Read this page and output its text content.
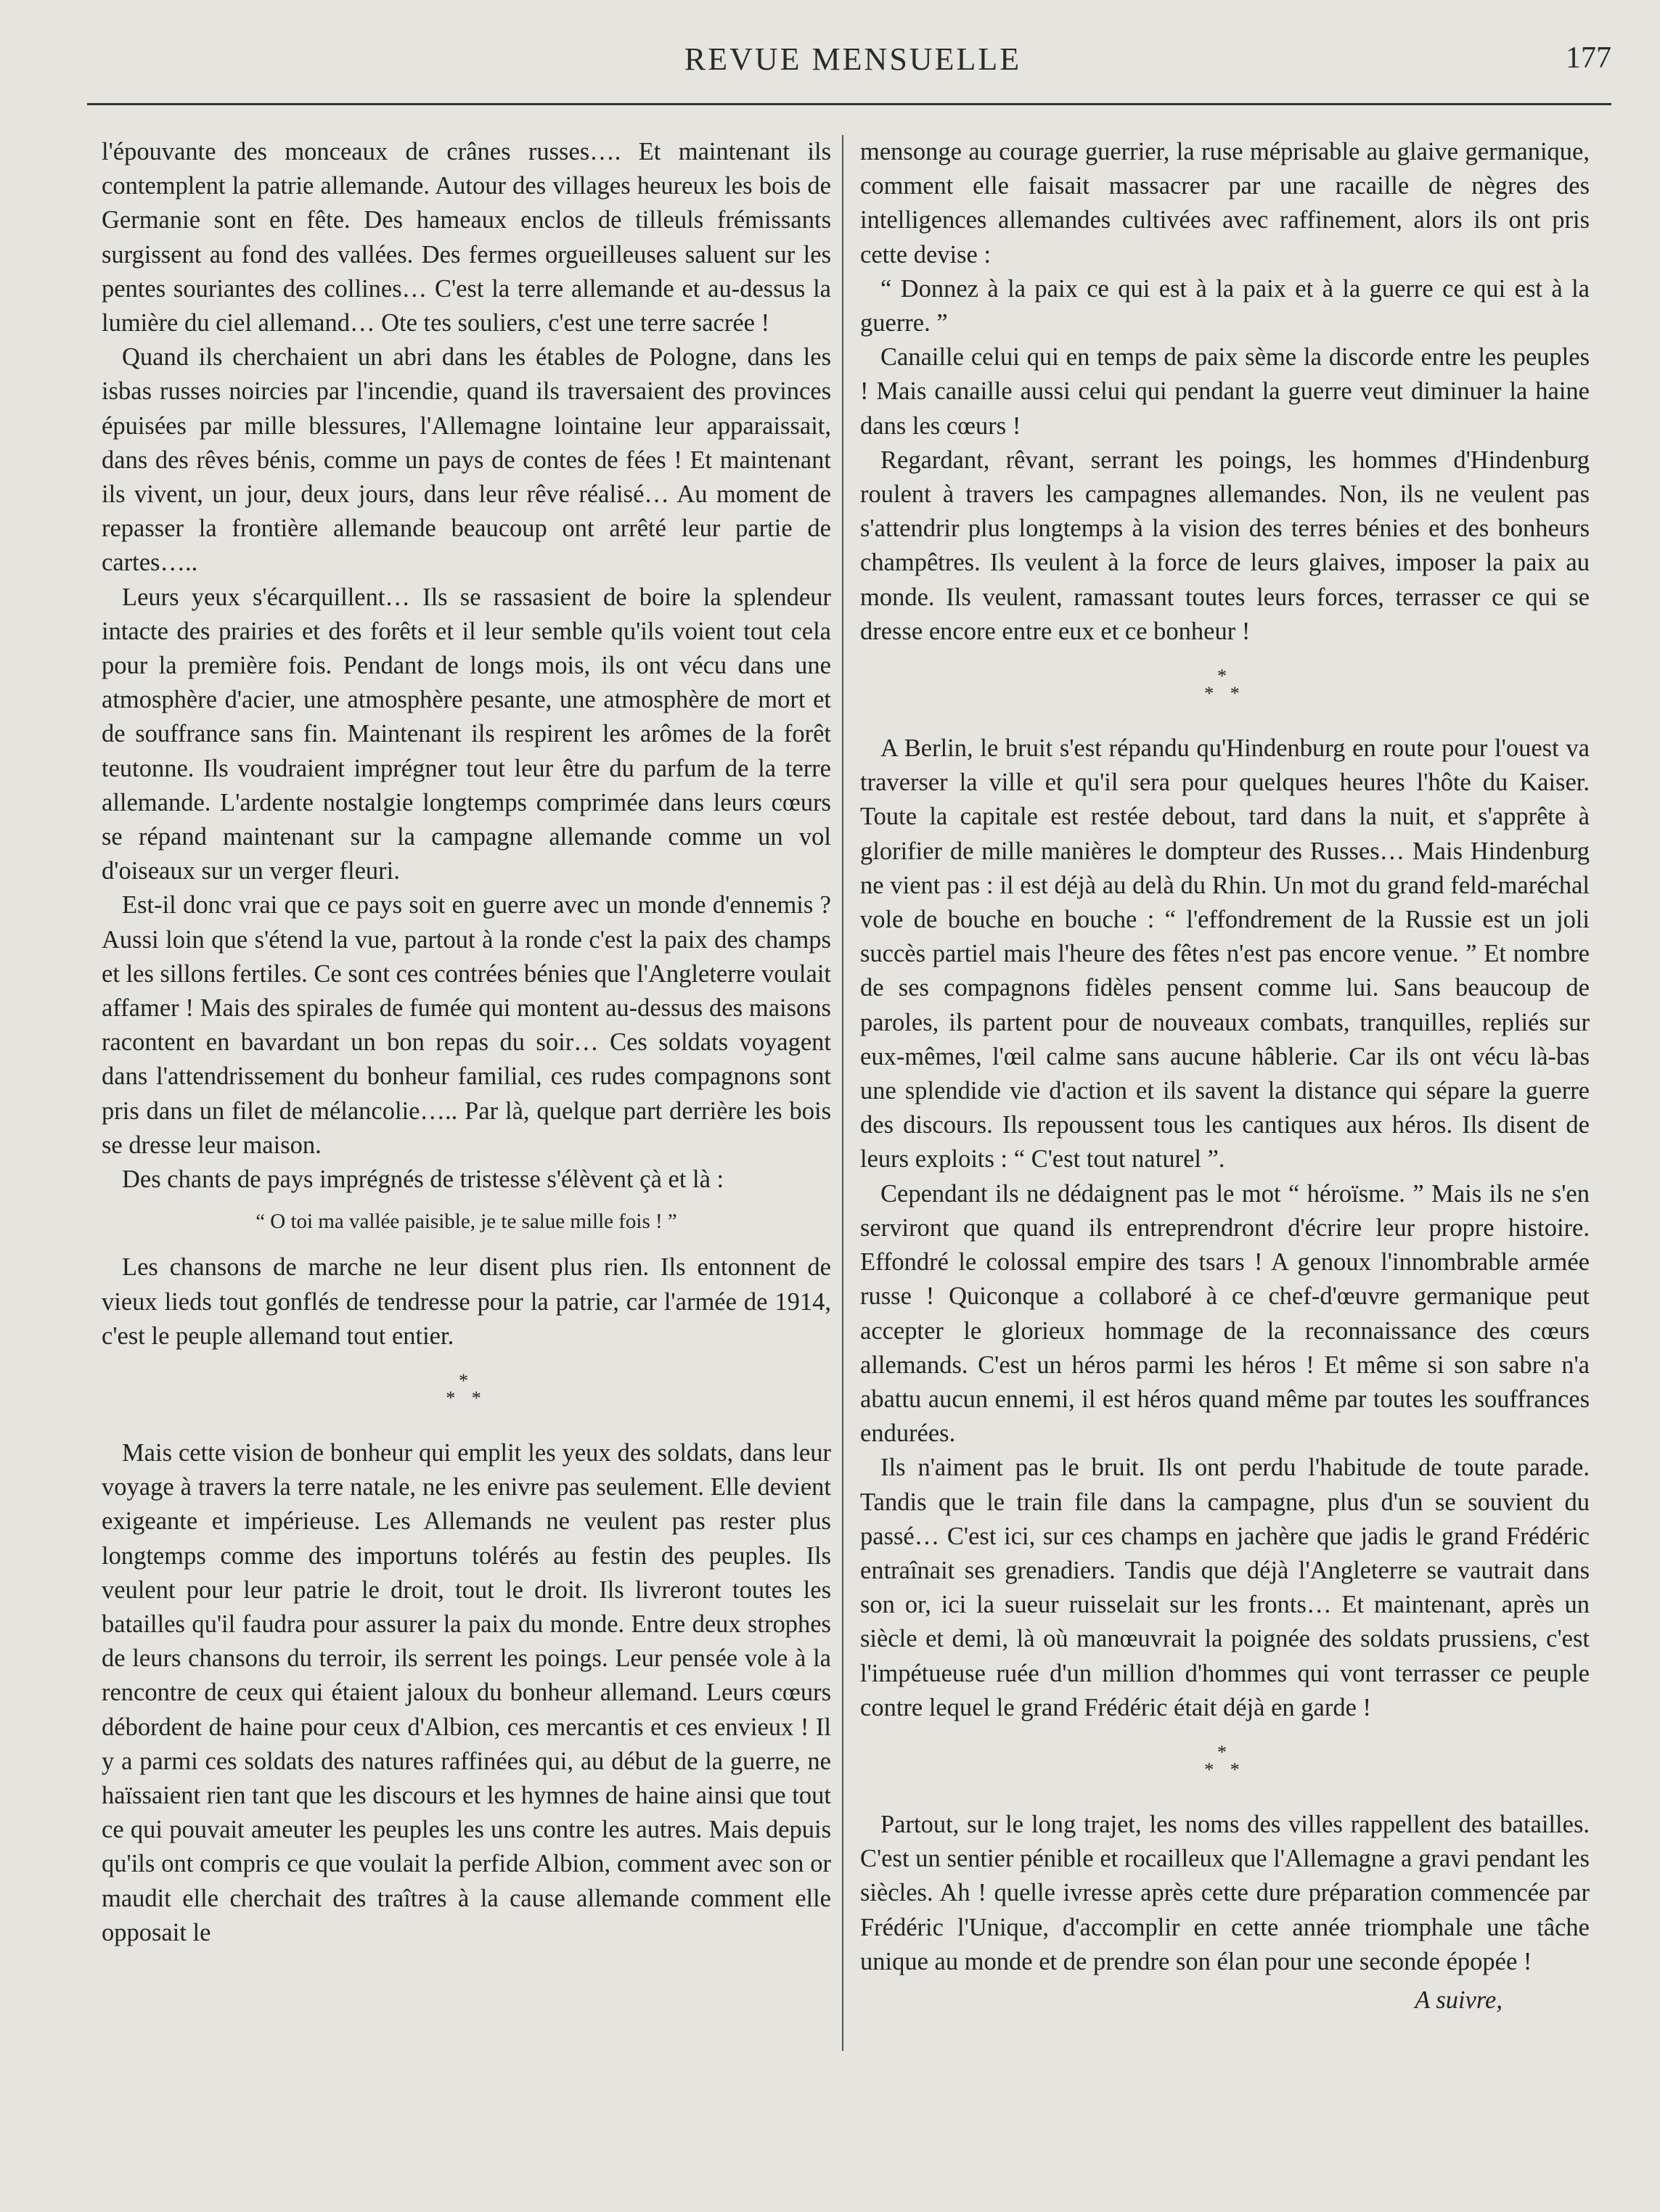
REVUE MENSUELLE	177

l'épouvante des monceaux de crânes russes…. Et maintenant ils contemplent la patrie allemande. Autour des villages heureux les bois de Germanie sont en fête. Des hameaux enclos de tilleuls frémissants surgissent au fond des vallées. Des fermes orgueilleuses saluent sur les pentes souriantes des collines… C'est la terre allemande et au-dessus la lumière du ciel allemand… Ote tes souliers, c'est une terre sacrée !

Quand ils cherchaient un abri dans les étables de Pologne, dans les isbas russes noircies par l'incendie, quand ils traversaient des provinces épuisées par mille blessures, l'Allemagne lointaine leur apparaissait, dans des rêves bénis, comme un pays de contes de fées ! Et maintenant ils vivent, un jour, deux jours, dans leur rêve réalisé… Au moment de repasser la frontière allemande beaucoup ont arrêté leur partie de cartes…..

Leurs yeux s'écarquillent… Ils se rassasient de boire la splendeur intacte des prairies et des forêts et il leur semble qu'ils voient tout cela pour la première fois. Pendant de longs mois, ils ont vécu dans une atmosphère d'acier, une atmosphère pesante, une atmosphère de mort et de souffrance sans fin. Maintenant ils respirent les arômes de la forêt teutonne. Ils voudraient imprégner tout leur être du parfum de la terre allemande. L'ardente nostalgie longtemps comprimée dans leurs cœurs se répand maintenant sur la campagne allemande comme un vol d'oiseaux sur un verger fleuri.

Est-il donc vrai que ce pays soit en guerre avec un monde d'ennemis ? Aussi loin que s'étend la vue, partout à la ronde c'est la paix des champs et les sillons fertiles. Ce sont ces contrées bénies que l'Angleterre voulait affamer ! Mais des spirales de fumée qui montent au-dessus des maisons racontent en bavardant un bon repas du soir… Ces soldats voyagent dans l'attendrissement du bonheur familial, ces rudes compagnons sont pris dans un filet de mélancolie….. Par là, quelque part derrière les bois se dresse leur maison.

Des chants de pays imprégnés de tristesse s'élèvent çà et là :

“ O toi ma vallée paisible, je te salue mille fois ! ”

Les chansons de marche ne leur disent plus rien. Ils entonnent de vieux lieds tout gonflés de tendresse pour la patrie, car l'armée de 1914, c'est le peuple allemand tout entier.

*
* *

Mais cette vision de bonheur qui emplit les yeux des soldats, dans leur voyage à travers la terre natale, ne les enivre pas seulement. Elle devient exigeante et impérieuse. Les Allemands ne veulent pas rester plus longtemps comme des importuns tolérés au festin des peuples. Ils veulent pour leur patrie le droit, tout le droit. Ils livreront toutes les batailles qu'il faudra pour assurer la paix du monde. Entre deux strophes de leurs chansons du terroir, ils serrent les poings. Leur pensée vole à la rencontre de ceux qui étaient jaloux du bonheur allemand. Leurs cœurs débordent de haine pour ceux d'Albion, ces mercantis et ces envieux ! Il y a parmi ces soldats des natures raffinées qui, au début de la guerre, ne haïssaient rien tant que les discours et les hymnes de haine ainsi que tout ce qui pouvait ameuter les peuples les uns contre les autres. Mais depuis qu'ils ont compris ce que voulait la perfide Albion, comment avec son or maudit elle cherchait des traîtres à la cause allemande comment elle opposait le

mensonge au courage guerrier, la ruse méprisable au glaive germanique, comment elle faisait massacrer par une racaille de nègres des intelligences allemandes cultivées avec raffinement, alors ils ont pris cette devise :

“ Donnez à la paix ce qui est à la paix et à la guerre ce qui est à la guerre. ”

Canaille celui qui en temps de paix sème la discorde entre les peuples ! Mais canaille aussi celui qui pendant la guerre veut diminuer la haine dans les cœurs !

Regardant, rêvant, serrant les poings, les hommes d'Hindenburg roulent à travers les campagnes allemandes. Non, ils ne veulent pas s'attendrir plus longtemps à la vision des terres bénies et des bonheurs champêtres. Ils veulent à la force de leurs glaives, imposer la paix au monde. Ils veulent, ramassant toutes leurs forces, terrasser ce qui se dresse encore entre eux et ce bonheur !

*
* *

A Berlin, le bruit s'est répandu qu'Hindenburg en route pour l'ouest va traverser la ville et qu'il sera pour quelques heures l'hôte du Kaiser. Toute la capitale est restée debout, tard dans la nuit, et s'apprête à glorifier de mille manières le dompteur des Russes… Mais Hindenburg ne vient pas : il est déjà au delà du Rhin. Un mot du grand feld-maréchal vole de bouche en bouche : “ l'effondrement de la Russie est un joli succès partiel mais l'heure des fêtes n'est pas encore venue. ” Et nombre de ses compagnons fidèles pensent comme lui. Sans beaucoup de paroles, ils partent pour de nouveaux combats, tranquilles, repliés sur eux-mêmes, l'œil calme sans aucune hâblerie. Car ils ont vécu là-bas une splendide vie d'action et ils savent la distance qui sépare la guerre des discours. Ils repoussent tous les cantiques aux héros. Ils disent de leurs exploits : “ C'est tout naturel ”.

Cependant ils ne dédaignent pas le mot “ héroïsme. ” Mais ils ne s'en serviront que quand ils entreprendront d'écrire leur propre histoire. Effondré le colossal empire des tsars ! A genoux l'innombrable armée russe ! Quiconque a collaboré à ce chef-d'œuvre germanique peut accepter le glorieux hommage de la reconnaissance des cœurs allemands. C'est un héros parmi les héros ! Et même si son sabre n'a abattu aucun ennemi, il est héros quand même par toutes les souffrances endurées.

Ils n'aiment pas le bruit. Ils ont perdu l'habitude de toute parade. Tandis que le train file dans la campagne, plus d'un se souvient du passé… C'est ici, sur ces champs en jachère que jadis le grand Frédéric entraînait ses grenadiers. Tandis que déjà l'Angleterre se vautrait dans son or, ici la sueur ruisselait sur les fronts… Et maintenant, après un siècle et demi, là où manœuvrait la poignée des soldats prussiens, c'est l'impétueuse ruée d'un million d'hommes qui vont terrasser ce peuple contre lequel le grand Frédéric était déjà en garde !

*
* *

Partout, sur le long trajet, les noms des villes rappellent des batailles. C'est un sentier pénible et rocailleux que l'Allemagne a gravi pendant les siècles. Ah ! quelle ivresse après cette dure préparation commencée par Frédéric l'Unique, d'accomplir en cette année triomphale une tâche unique au monde et de prendre son élan pour une seconde épopée !

A suivre,
